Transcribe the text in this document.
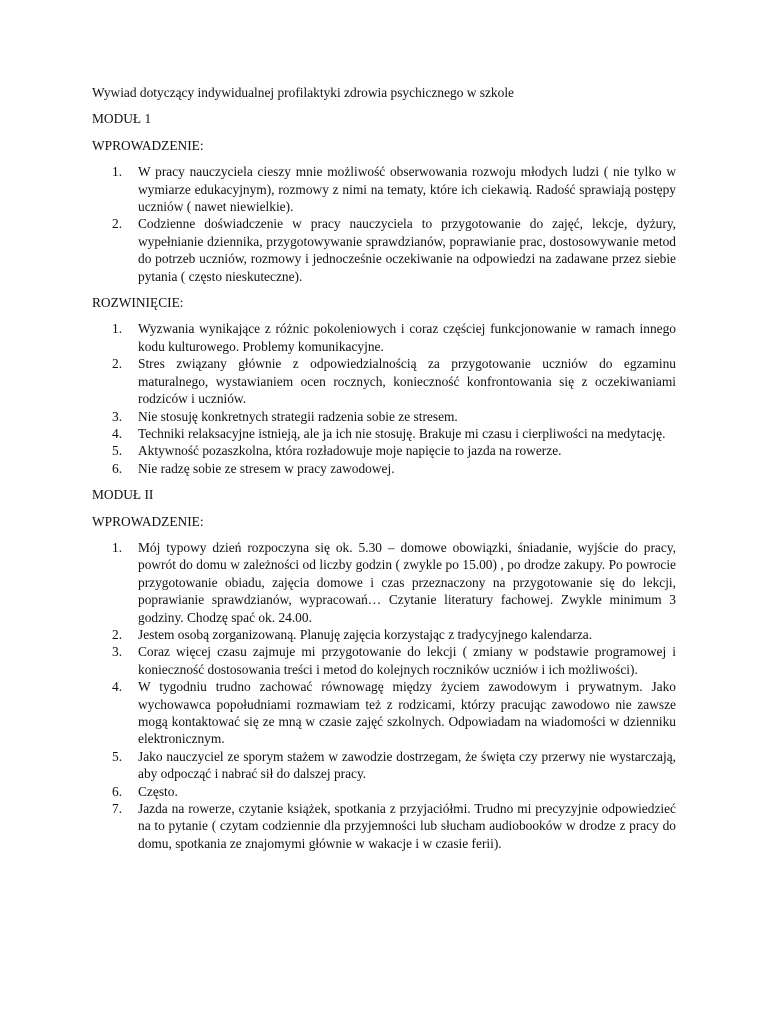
Wywiad dotyczący indywidualnej profilaktyki zdrowia psychicznego w szkole

MODUŁ 1

WPROWADZENIE:

1. W pracy nauczyciela cieszy mnie możliwość obserwowania rozwoju młodych ludzi ( nie tylko w wymiarze edukacyjnym), rozmowy z nimi na tematy, które ich ciekawią. Radość sprawiają postępy uczniów ( nawet niewielkie).
2. Codzienne doświadczenie w pracy nauczyciela to przygotowanie do zajęć, lekcje, dyżury, wypełnianie dziennika, przygotowywanie sprawdzianów, poprawianie prac, dostosowywanie metod do potrzeb uczniów, rozmowy i jednocześnie oczekiwanie na odpowiedzi na zadawane przez siebie pytania ( często nieskuteczne).

ROZWINIĘCIE:

1. Wyzwania wynikające z różnic pokoleniowych i coraz częściej funkcjonowanie w ramach innego kodu kulturowego. Problemy komunikacyjne.
2. Stres związany głównie z odpowiedzialnością za przygotowanie uczniów do egzaminu maturalnego, wystawianiem ocen rocznych, konieczność konfrontowania się z oczekiwaniami rodziców i uczniów.
3. Nie stosuję konkretnych strategii radzenia sobie ze stresem.
4. Techniki relaksacyjne istnieją, ale ja ich nie stosuję. Brakuje mi czasu i cierpliwości na medytację.
5. Aktywność pozaszkolna, która rozładowuje moje napięcie to jazda na rowerze.
6. Nie radzę sobie ze stresem w pracy zawodowej.

MODUŁ II

WPROWADZENIE:

1. Mój typowy dzień rozpoczyna się ok. 5.30 – domowe obowiązki, śniadanie, wyjście do pracy, powrót do domu w zależności od liczby godzin ( zwykle po 15.00) , po drodze zakupy. Po powrocie przygotowanie obiadu, zajęcia domowe i czas przeznaczony na przygotowanie się do lekcji, poprawianie sprawdzianów, wypracowań… Czytanie literatury fachowej. Zwykle minimum 3 godziny. Chodzę spać ok. 24.00.
2. Jestem osobą zorganizowaną. Planuję zajęcia korzystając z tradycyjnego kalendarza.
3. Coraz więcej czasu zajmuje mi przygotowanie do lekcji ( zmiany w podstawie programowej i konieczność dostosowania treści i metod do kolejnych roczników uczniów i ich możliwości).
4. W tygodniu trudno zachować równowagę między życiem zawodowym i prywatnym. Jako wychowawca popołudniami rozmawiam też z rodzicami, którzy pracując zawodowo nie zawsze mogą kontaktować się ze mną w czasie zajęć szkolnych. Odpowiadam na wiadomości w dzienniku elektronicznym.
5. Jako nauczyciel ze sporym stażem w zawodzie dostrzegam, że święta czy przerwy nie wystarczają, aby odpocząć i nabrać sił do dalszej pracy.
6. Często.
7. Jazda na rowerze, czytanie książek, spotkania z przyjaciółmi. Trudno mi precyzyjnie odpowiedzieć na to pytanie ( czytam codziennie dla przyjemności lub słucham audiobooków w drodze z pracy do domu, spotkania ze znajomymi głównie w wakacje i w czasie ferii).
